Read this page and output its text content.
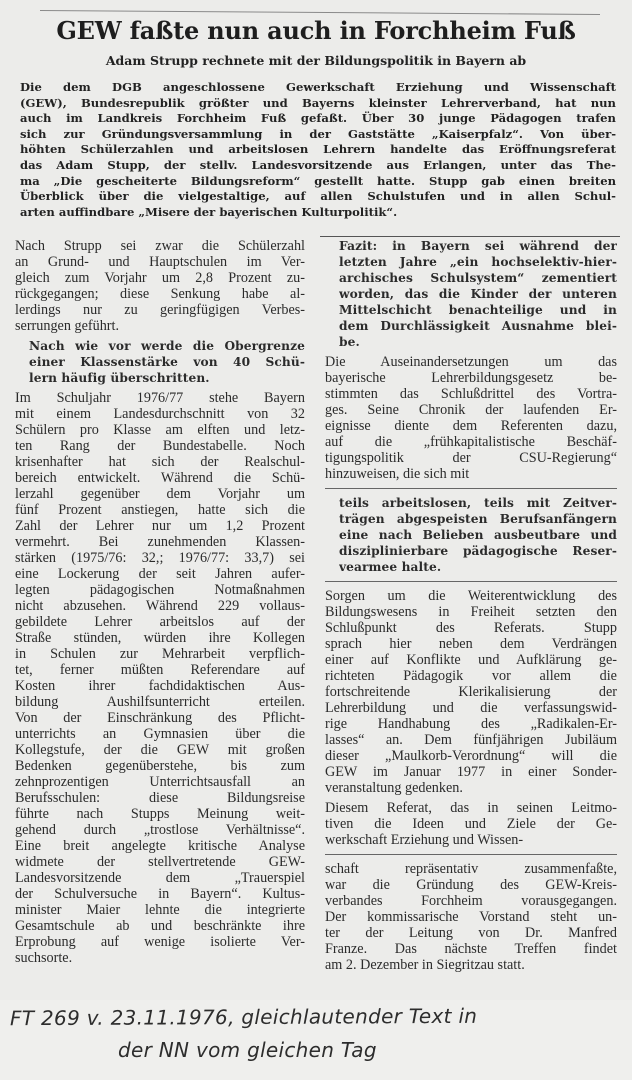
GEW faßte nun auch in Forchheim Fuß
Adam Strupp rechnete mit der Bildungspolitik in Bayern ab
Die dem DGB angeschlossene Gewerkschaft Erziehung und Wissenschaft
(GEW), Bundesrepublik größter und Bayerns kleinster Lehrerverband, hat nun
auch im Landkreis Forchheim Fuß gefaßt. Über 30 junge Pädagogen trafen
sich zur Gründungsversammlung in der Gaststätte „Kaiserpfalz“. Von über-
höhten Schülerzahlen und arbeitslosen Lehrern handelte das Eröffnungsreferat
das Adam Stupp, der stellv. Landesvorsitzende aus Erlangen, unter das The-
ma „Die gescheiterte Bildungsreform“ gestellt hatte. Stupp gab einen breiten
Überblick über die vielgestaltige, auf allen Schulstufen und in allen Schul-
arten auffindbare „Misere der bayerischen Kulturpolitik“.
Nach Strupp sei zwar die Schülerzahl
an Grund- und Hauptschulen im Ver-
gleich zum Vorjahr um 2,8 Prozent zu-
rückgegangen; diese Senkung habe al-
lerdings nur zu geringfügigen Verbes-
serrungen geführt.
Nach wie vor werde die Obergrenze
einer Klassenstärke von 40 Schü-
lern häufig überschritten.
Im Schuljahr 1976/77 stehe Bayern
mit einem Landesdurchschnitt von 32
Schülern pro Klasse am elften und letz-
ten Rang der Bundestabelle. Noch
krisenhafter hat sich der Realschul-
bereich entwickelt. Während die Schü-
lerzahl gegenüber dem Vorjahr um
fünf Prozent anstiegen, hatte sich die
Zahl der Lehrer nur um 1,2 Prozent
vermehrt. Bei zunehmenden Klassen-
stärken (1975/76: 32,; 1976/77: 33,7) sei
eine Lockerung der seit Jahren aufer-
legten pädagogischen Notmaßnahmen
nicht abzusehen. Während 229 vollaus-
gebildete Lehrer arbeitslos auf der
Straße stünden, würden ihre Kollegen
in Schulen zur Mehrarbeit verpflich-
tet, ferner müßten Referendare auf
Kosten ihrer fachdidaktischen Aus-
bildung Aushilfsunterricht erteilen.
Von der Einschränkung des Pflicht-
unterrichts an Gymnasien über die
Kollegstufe, der die GEW mit großen
Bedenken gegenüberstehe, bis zum
zehnprozentigen Unterrichtsausfall an
Berufsschulen: diese Bildungsreise
führte nach Stupps Meinung weit-
gehend durch „trostlose Verhältnisse“.
Eine breit angelegte kritische Analyse
widmete der stellvertretende GEW-
Landesvorsitzende dem „Trauerspiel
der Schulversuche in Bayern“. Kultus-
minister Maier lehnte die integrierte
Gesamtschule ab und beschränkte ihre
Erprobung auf wenige isolierte Ver-
suchsorte.
Fazit: in Bayern sei während der
letzten Jahre „ein hochselektiv-hier-
archisches Schulsystem“ zementiert
worden, das die Kinder der unteren
Mittelschicht benachteilige und in
dem Durchlässigkeit Ausnahme blei-
be.
Die Auseinandersetzungen um das
bayerische Lehrerbildungsgesetz be-
stimmten das Schlußdrittel des Vortra-
ges. Seine Chronik der laufenden Er-
eignisse diente dem Referenten dazu,
auf die „frühkapitalistische Beschäf-
tigungspolitik der CSU-Regierung“
hinzuweisen, die sich mit
teils arbeitslosen, teils mit Zeitver-
trägen abgespeisten Berufsanfängern
eine nach Belieben ausbeutbare und
disziplinierbare pädagogische Reser-
vearmee halte.
Sorgen um die Weiterentwicklung des
Bildungswesens in Freiheit setzten den
Schlußpunkt des Referats. Stupp
sprach hier neben dem Verdrängen
einer auf Konflikte und Aufklärung ge-
richteten Pädagogik vor allem die
fortschreitende Klerikalisierung der
Lehrerbildung und die verfassungswid-
rige Handhabung des „Radikalen-Er-
lasses“ an. Dem fünfjährigen Jubiläum
dieser „Maulkorb-Verordnung“ will die
GEW im Januar 1977 in einer Sonder-
veranstaltung gedenken.
Diesem Referat, das in seinen Leitmo-
tiven die Ideen und Ziele der Ge-
werkschaft Erziehung und Wissen-
schaft repräsentativ zusammenfaßte,
war die Gründung des GEW-Kreis-
verbandes Forchheim vorausgegangen.
Der kommissarische Vorstand steht un-
ter der Leitung von Dr. Manfred
Franze. Das nächste Treffen findet
am 2. Dezember in Siegritzau statt.
FT 269 v. 23.11.1976, gleichlautender Text in
der NN vom gleichen Tag
